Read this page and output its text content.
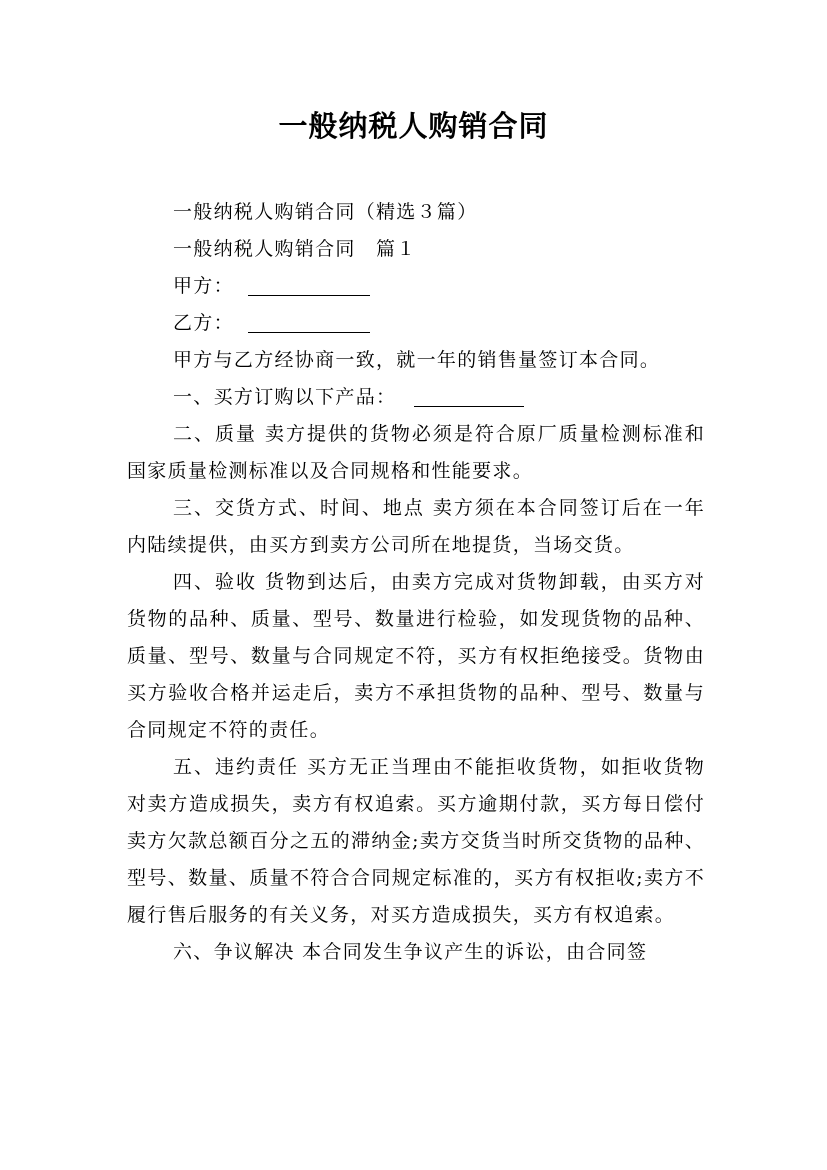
一般纳税人购销合同

一般纳税人购销合同（精选３篇）

一般纳税人购销合同　篇１

甲方：

乙方：

甲方与乙方经协商一致，就一年的销售量签订本合同。

一、买方订购以下产品：

二、质量 卖方提供的货物必须是符合原厂质量检测标准和国家质量检测标准以及合同规格和性能要求。

三、交货方式、时间、地点 卖方须在本合同签订后在一年内陆续提供，由买方到卖方公司所在地提货，当场交货。

四、验收 货物到达后，由卖方完成对货物卸载，由买方对货物的品种、质量、型号、数量进行检验，如发现货物的品种、质量、型号、数量与合同规定不符，买方有权拒绝接受。货物由买方验收合格并运走后，卖方不承担货物的品种、型号、数量与合同规定不符的责任。

五、违约责任 买方无正当理由不能拒收货物，如拒收货物对卖方造成损失，卖方有权追索。买方逾期付款，买方每日偿付卖方欠款总额百分之五的滞纳金;卖方交货当时所交货物的品种、型号、数量、质量不符合合同规定标准的，买方有权拒收;卖方不履行售后服务的有关义务，对买方造成损失，买方有权追索。

六、争议解决 本合同发生争议产生的诉讼，由合同签
